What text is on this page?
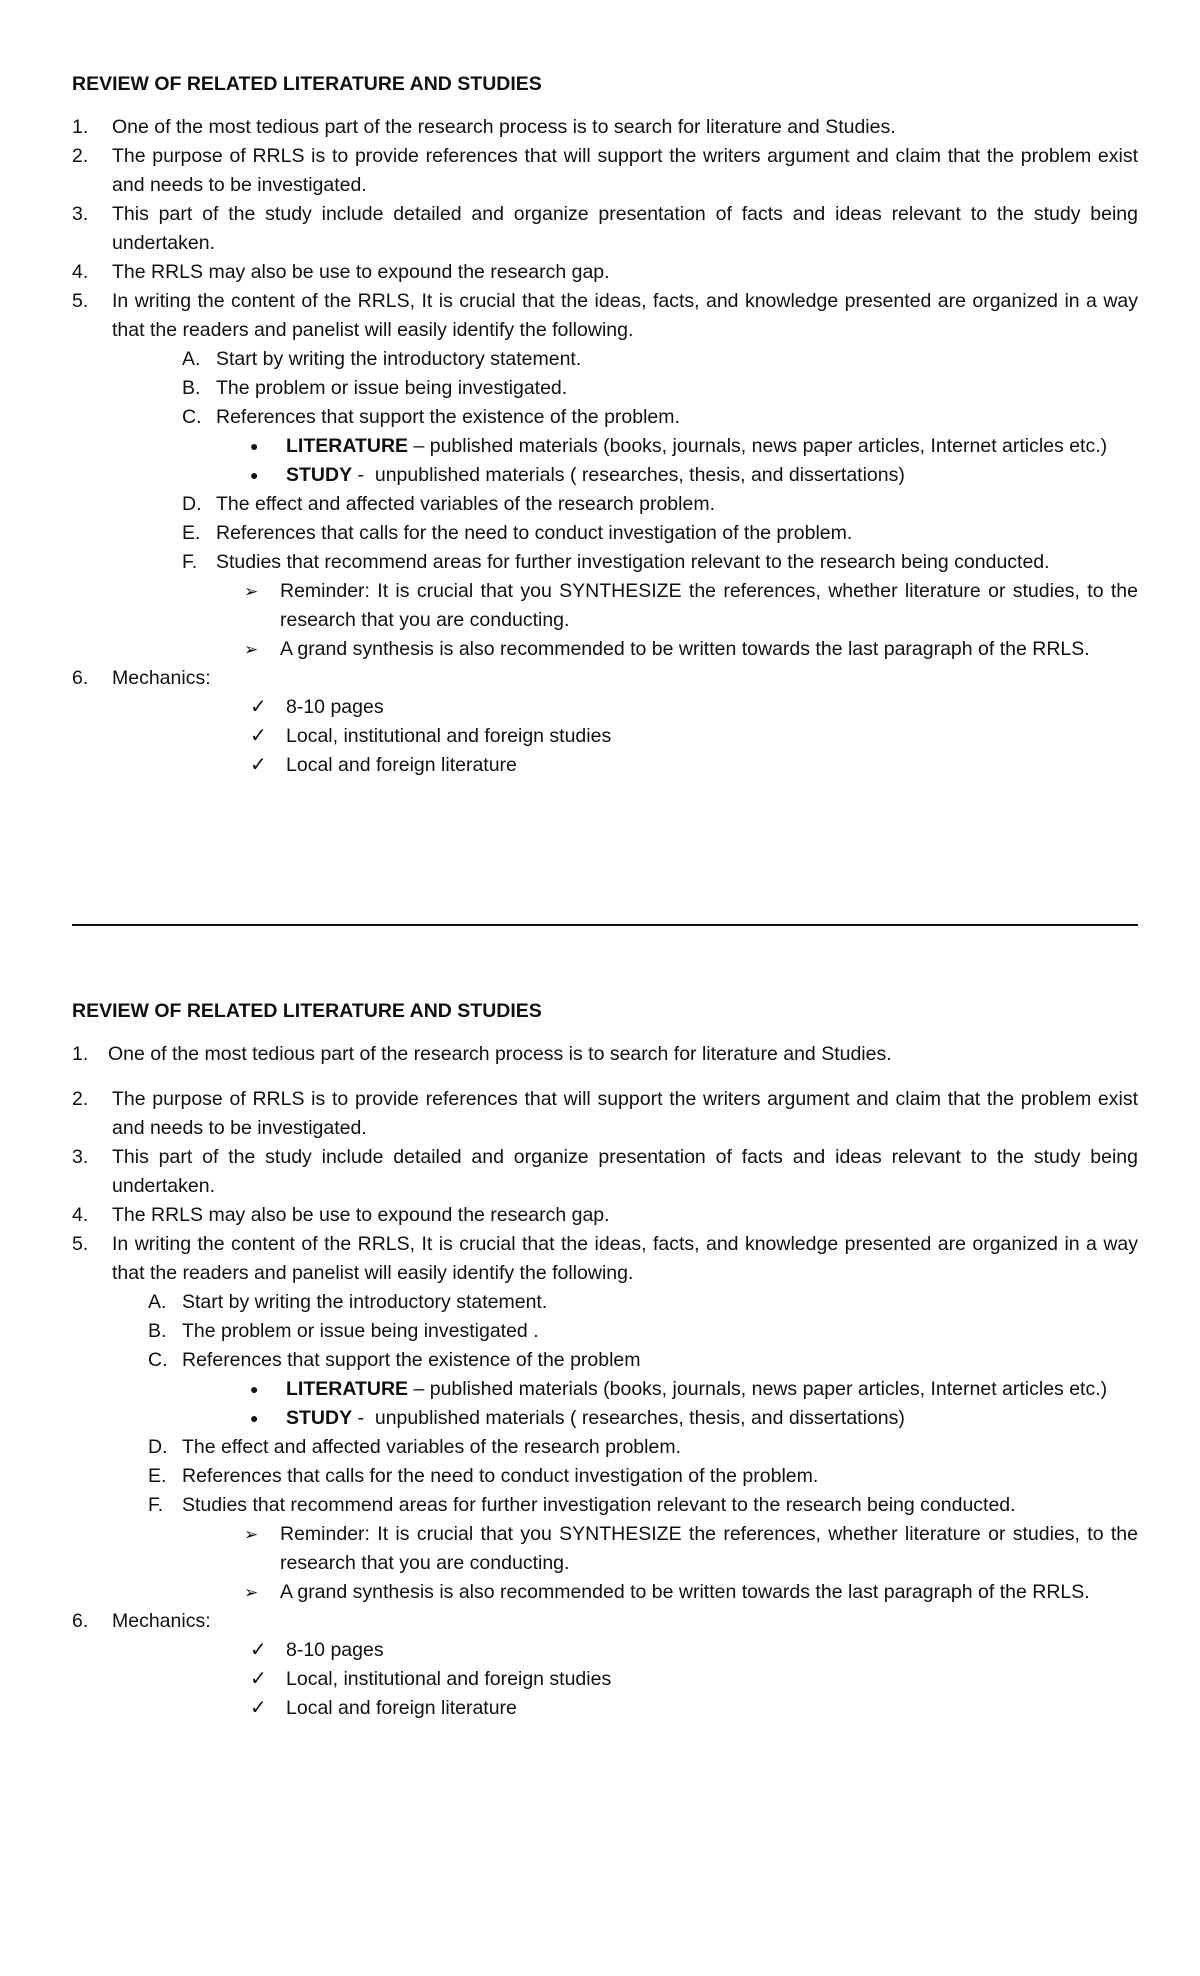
REVIEW OF RELATED LITERATURE AND STUDIES
1. One of the most tedious part of the research process is to search for literature and Studies.
2. The purpose of RRLS is to provide references that will support the writers argument and claim that the problem exist and needs to be investigated.
3. This part of the study include detailed and organize presentation of facts and ideas relevant to the study being undertaken.
4. The RRLS may also be use to expound the research gap.
5. In writing the content of the RRLS, It is crucial that the ideas, facts, and knowledge presented are organized in a way that the readers and panelist will easily identify the following.
A. Start by writing the introductory statement.
B. The problem or issue being investigated.
C. References that support the existence of the problem.
● LITERATURE – published materials (books, journals, news paper articles, Internet articles etc.)
● STUDY -  unpublished materials ( researches, thesis, and dissertations)
D. The effect and affected variables of the research problem.
E. References that calls for the need to conduct investigation of the problem.
F. Studies that recommend areas for further investigation relevant to the research being conducted.
➢ Reminder: It is crucial that you SYNTHESIZE the references, whether literature or studies, to the research that you are conducting.
➢ A grand synthesis is also recommended to be written towards the last paragraph of the RRLS.
6. Mechanics:
✓ 8-10 pages
✓ Local, institutional and foreign studies
✓ Local and foreign literature
REVIEW OF RELATED LITERATURE AND STUDIES
1. One of the most tedious part of the research process is to search for literature and Studies.
2. The purpose of RRLS is to provide references that will support the writers argument and claim that the problem exist and needs to be investigated.
3. This part of the study include detailed and organize presentation of facts and ideas relevant to the study being undertaken.
4. The RRLS may also be use to expound the research gap.
5. In writing the content of the RRLS, It is crucial that the ideas, facts, and knowledge presented are organized in a way that the readers and panelist will easily identify the following.
A. Start by writing the introductory statement.
B. The problem or issue being investigated .
C. References that support the existence of the problem
● LITERATURE – published materials (books, journals, news paper articles, Internet articles etc.)
● STUDY -  unpublished materials ( researches, thesis, and dissertations)
D. The effect and affected variables of the research problem.
E. References that calls for the need to conduct investigation of the problem.
F. Studies that recommend areas for further investigation relevant to the research being conducted.
➢ Reminder: It is crucial that you SYNTHESIZE the references, whether literature or studies, to the research that you are conducting.
➢ A grand synthesis is also recommended to be written towards the last paragraph of the RRLS.
6. Mechanics:
✓ 8-10 pages
✓ Local, institutional and foreign studies
✓ Local and foreign literature
